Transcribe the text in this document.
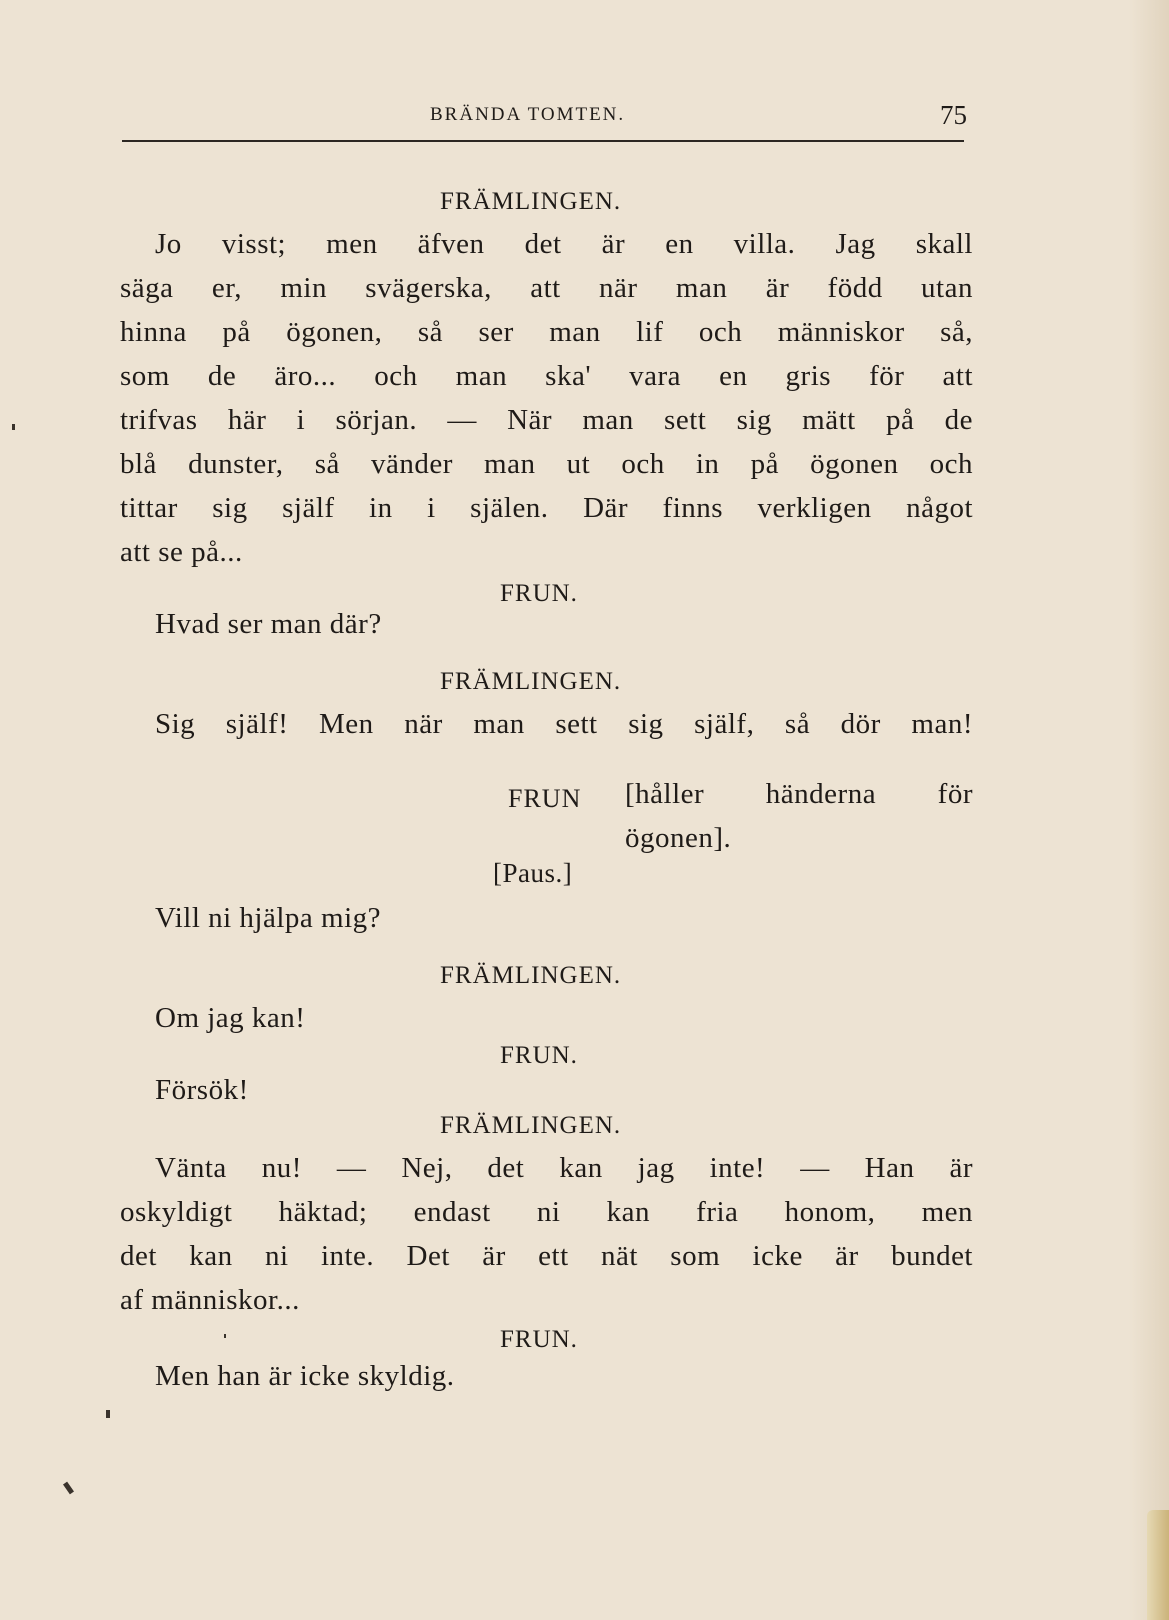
BRÄNDA TOMTEN.	75
FRÄMLINGEN.
Jo visst; men äfven det är en villa. Jag skall
säga er, min svägerska, att när man är född utan
hinna på ögonen, så ser man lif och människor så,
som de äro... och man ska' vara en gris för att
trifvas här i sörjan. — När man sett sig mätt på de
blå dunster, så vänder man ut och in på ögonen och
tittar sig själf in i själen. Där finns verkligen något
att se på...
FRUN.
Hvad ser man där?
FRÄMLINGEN.
Sig själf! Men när man sett sig själf, så dör man!
FRUN [håller händerna för
ögonen].
[Paus.]
Vill ni hjälpa mig?
FRÄMLINGEN.
Om jag kan!
FRUN.
Försök!
FRÄMLINGEN.
Vänta nu! — Nej, det kan jag inte! — Han är
oskyldigt häktad; endast ni kan fria honom, men
det kan ni inte. Det är ett nät som icke är bundet
af människor...
FRUN.
Men han är icke skyldig.
